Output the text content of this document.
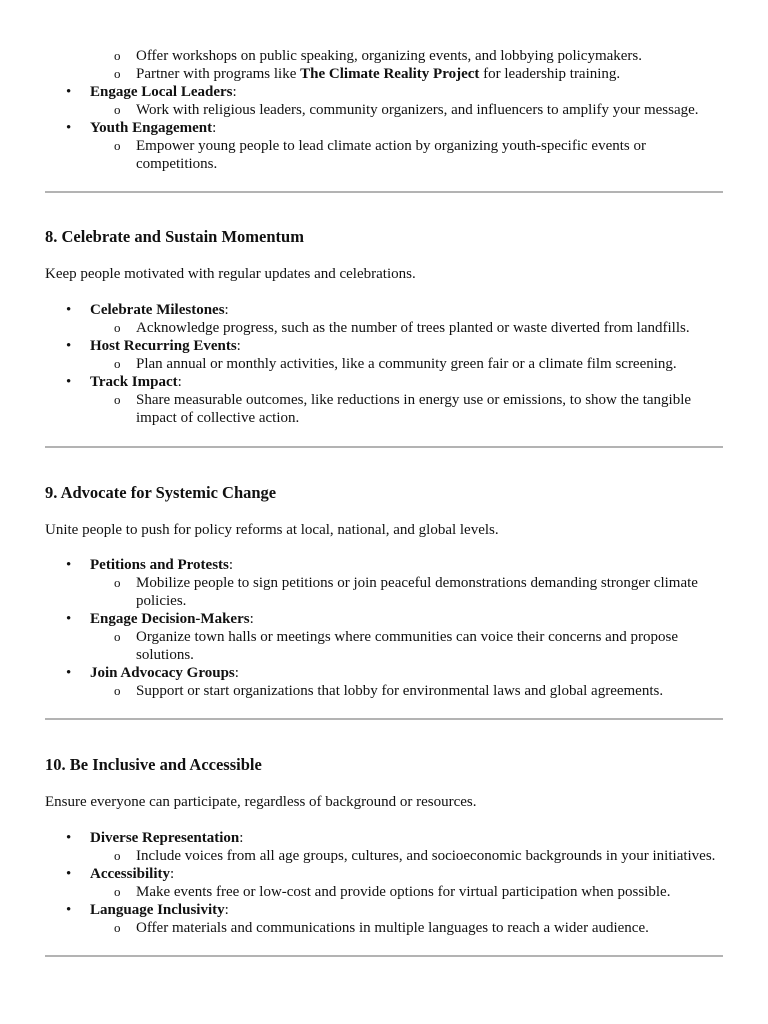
o Offer workshops on public speaking, organizing events, and lobbying policymakers.
o Partner with programs like The Climate Reality Project for leadership training.
•	Engage Local Leaders:
o Work with religious leaders, community organizers, and influencers to amplify your message.
•	Youth Engagement:
o Empower young people to lead climate action by organizing youth-specific events or competitions.
8. Celebrate and Sustain Momentum

Keep people motivated with regular updates and celebrations.

•	Celebrate Milestones:
o Acknowledge progress, such as the number of trees planted or waste diverted from landfills.
•	Host Recurring Events:
o Plan annual or monthly activities, like a community green fair or a climate film screening.
•	Track Impact:
o Share measurable outcomes, like reductions in energy use or emissions, to show the tangible impact of collective action.
9. Advocate for Systemic Change

Unite people to push for policy reforms at local, national, and global levels.

•	Petitions and Protests:
o Mobilize people to sign petitions or join peaceful demonstrations demanding stronger climate policies.
•	Engage Decision-Makers:
o Organize town halls or meetings where communities can voice their concerns and propose solutions.
•	Join Advocacy Groups:
o Support or start organizations that lobby for environmental laws and global agreements.
10. Be Inclusive and Accessible

Ensure everyone can participate, regardless of background or resources.

•	Diverse Representation:
o Include voices from all age groups, cultures, and socioeconomic backgrounds in your initiatives.
•	Accessibility:
o Make events free or low-cost and provide options for virtual participation when possible.
•	Language Inclusivity:
o Offer materials and communications in multiple languages to reach a wider audience.
